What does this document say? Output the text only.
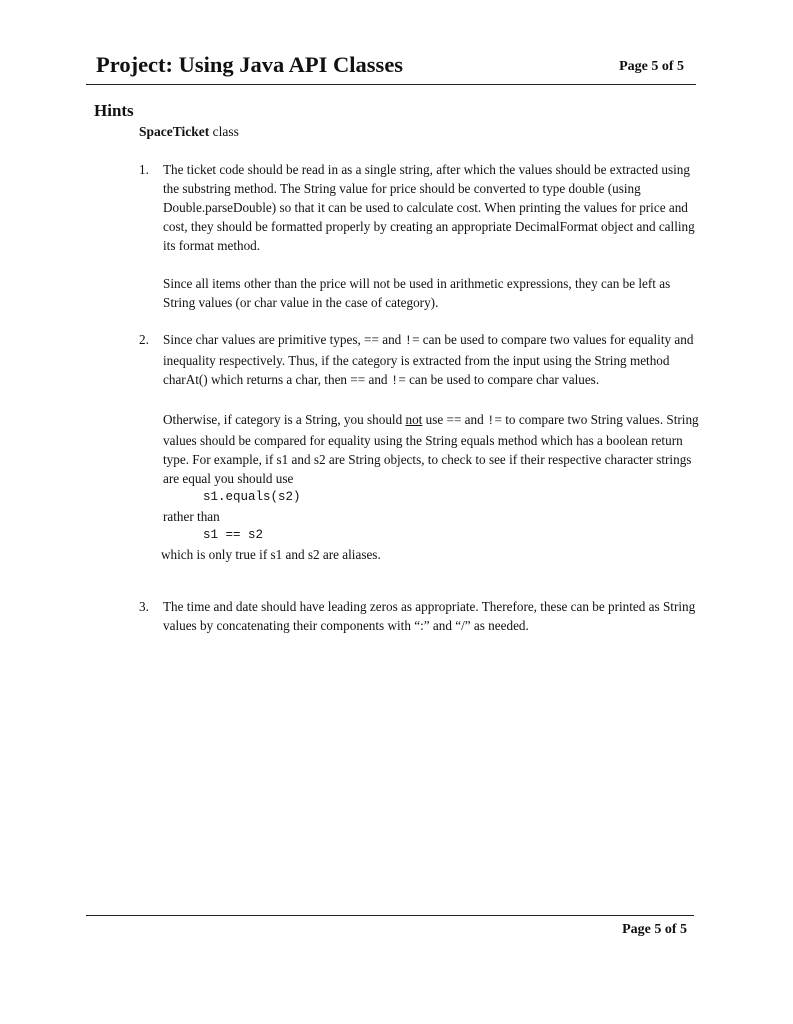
Project: Using Java API Classes	Page 5 of 5
Hints
SpaceTicket class
1. The ticket code should be read in as a single string, after which the values should be extracted using the substring method. The String value for price should be converted to type double (using Double.parseDouble) so that it can be used to calculate cost. When printing the values for price and cost, they should be formatted properly by creating an appropriate DecimalFormat object and calling its format method.

Since all items other than the price will not be used in arithmetic expressions, they can be left as String values (or char value in the case of category).

2. Since char values are primitive types, == and != can be used to compare two values for equality and inequality respectively. Thus, if the category is extracted from the input using the String method charAt() which returns a char, then == and != can be used to compare char values.

Otherwise, if category is a String, you should not use == and != to compare two String values. String values should be compared for equality using the String equals method which has a boolean return type. For example, if s1 and s2 are String objects, to check to see if their respective character strings are equal you should use

s1.equals(s2)
rather than
s1 == s2
which is only true if s1 and s2 are aliases.
3. The time and date should have leading zeros as appropriate. Therefore, these can be printed as String values by concatenating their components with “:” and “/” as needed.

Page 5 of 5
